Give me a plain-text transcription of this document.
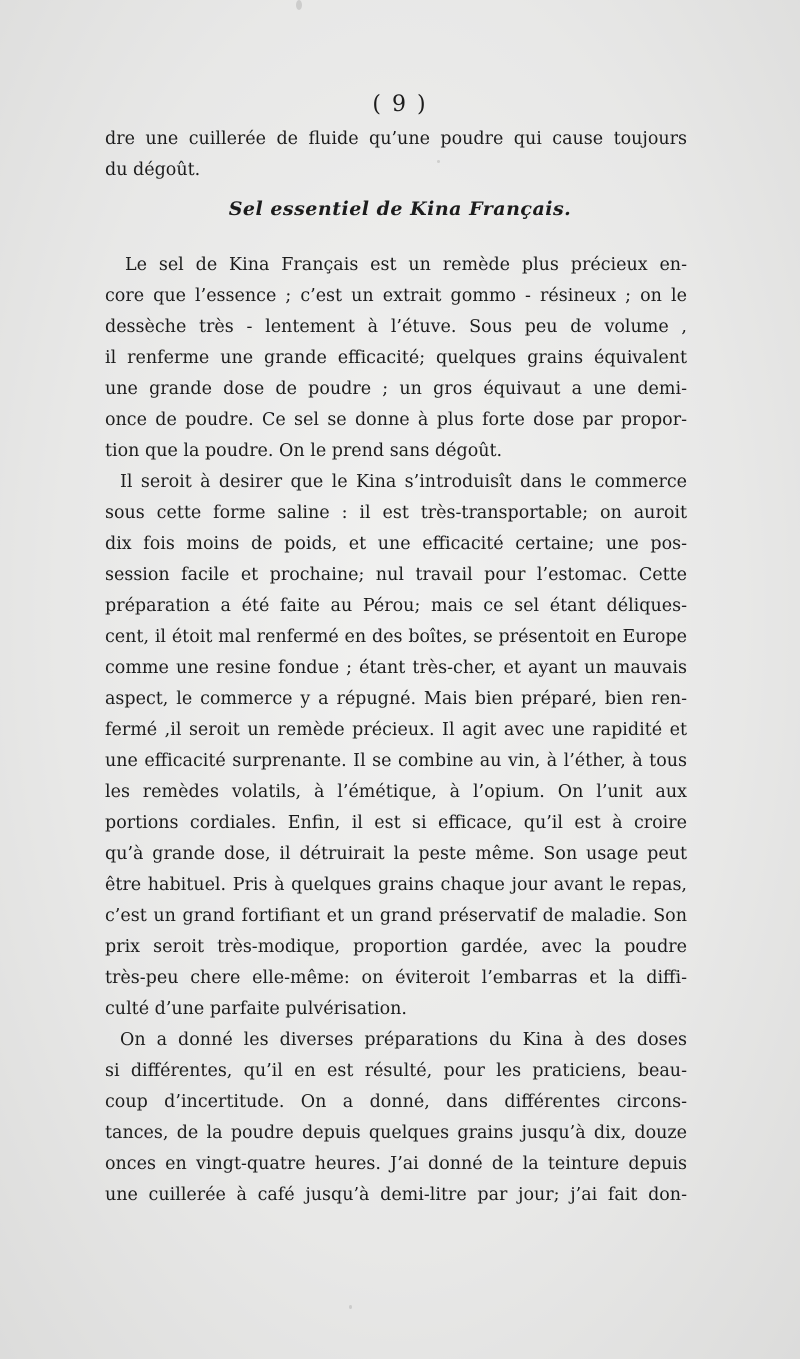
( 9 )
dre une cuillerée de fluide qu’une poudre qui cause toujours
du dégoût.
Sel essentiel de Kina Français.
Le sel de Kina Français est un remède plus précieux en-
core que l’essence ; c’est un extrait gommo - résineux ; on le
dessèche très - lentement à l’étuve. Sous peu de volume ,
il renferme une grande efficacité; quelques grains équivalent
une grande dose de poudre ; un gros équivaut a une demi-
once de poudre. Ce sel se donne à plus forte dose par propor-
tion que la poudre. On le prend sans dégoût.
Il seroit à desirer que le Kina s’introduisît dans le commerce
sous cette forme saline : il est très-transportable; on auroit
dix fois moins de poids, et une efficacité certaine; une pos-
session facile et prochaine; nul travail pour l’estomac. Cette
préparation a été faite au Pérou; mais ce sel étant déliques-
cent, il étoit mal renfermé en des boîtes, se présentoit en Europe
comme une resine fondue ; étant très-cher, et ayant un mauvais
aspect, le commerce y a répugné. Mais bien préparé, bien ren-
fermé ,il seroit un remède précieux. Il agit avec une rapidité et
une efficacité surprenante. Il se combine au vin, à l’éther, à tous
les remèdes volatils, à l’émétique, à l’opium. On l’unit aux
portions cordiales. Enfin, il est si efficace, qu’il est à croire
qu’à grande dose, il détruirait la peste même. Son usage peut
être habituel. Pris à quelques grains chaque jour avant le repas,
c’est un grand fortifiant et un grand préservatif de maladie. Son
prix seroit très-modique, proportion gardée, avec la poudre
très-peu chere elle-même: on éviteroit l’embarras et la diffi-
culté d’une parfaite pulvérisation.
On a donné les diverses préparations du Kina à des doses
si différentes, qu’il en est résulté, pour les praticiens, beau-
coup d’incertitude. On a donné, dans différentes circons-
tances, de la poudre depuis quelques grains jusqu’à dix, douze
onces en vingt-quatre heures. J’ai donné de la teinture depuis
une cuillerée à café jusqu’à demi-litre par jour; j’ai fait don-
